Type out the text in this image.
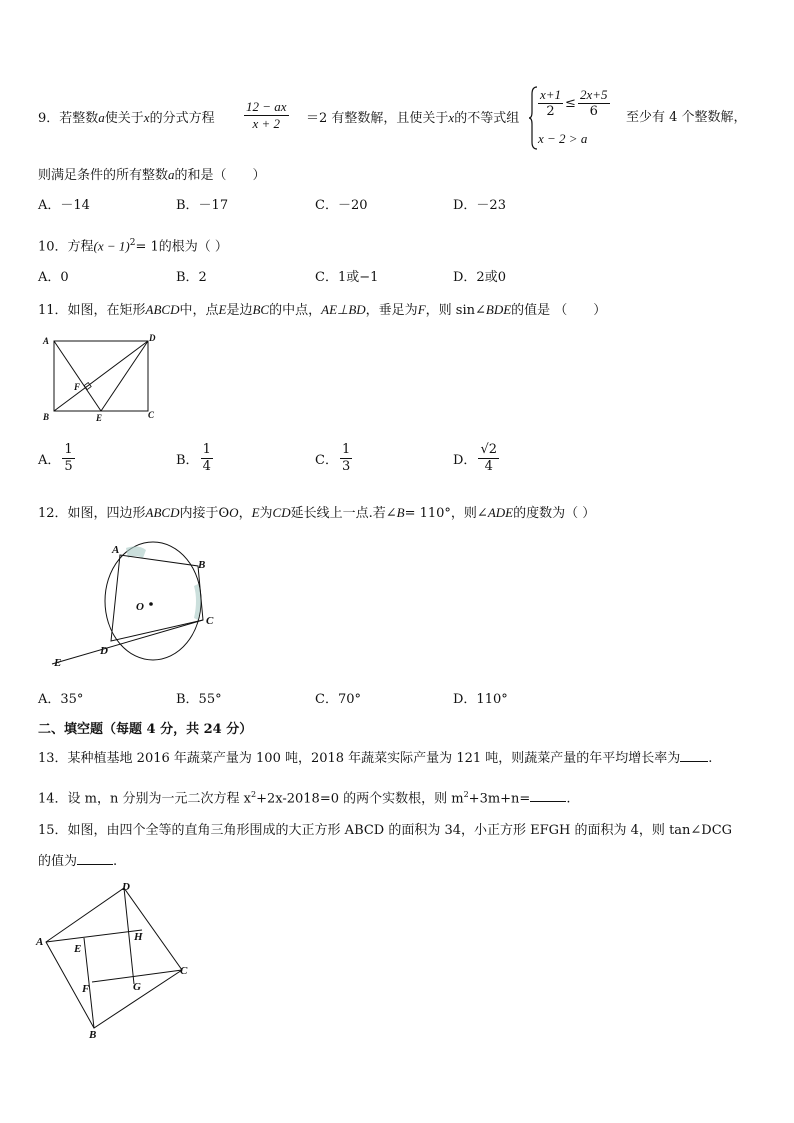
9．若整数a使关于x的分式方程 $\frac{12 - ax}{x + 2} =2$ 有整数解，且使关于x的不等式组 $\frac{x+1}{2} \le \frac{2x+5}{6}$
x − 2 > a
至少有 4 个整数解，
则满足条件的所有整数a的和是（　　）
A．－14	B．－17	C．－20	D．－23
10．方程$(x - 1)^2= 1$的根为（ ）
A．0	B．2	C．1或−1	D．2或0
11．如图，在矩形ABCD中，点E是边BC的中点，AE⊥BD，垂足为F，则 sin∠BDE的值是 （　　）
A	D
B	C
E
F
A． $\frac{1}{5}$	B． $\frac{1}{4}$	C． $\frac{1}{3}$	D． $\frac{√2}{4}$
12．如图，四边形ABCD内接于ʘO，E为CD延长线上一点.若∠B= 110°，则∠ADE的度数为（ ）
A
B
C
D
E
O
A．35°	B．55°	C．70°	D．110°
二、填空题（每题 4 分，共 24 分）
13．某种植基地 2016 年蔬菜产量为 100 吨，2018 年蔬菜实际产量为 121 吨，则蔬菜产量的年平均增长率为 .
14．设 m，n 分别为一元二次方程 $x^2+2x-2018=0$ 的两个实数根，则 $m^2+3m+n=$	.
15．如图，由四个全等的直角三角形围成的大正方形 ABCD 的面积为 34，小正方形 EFGH 的面积为 4，则 tan∠DCG
的值为	.
A
D
C
B
E
H
F	G
